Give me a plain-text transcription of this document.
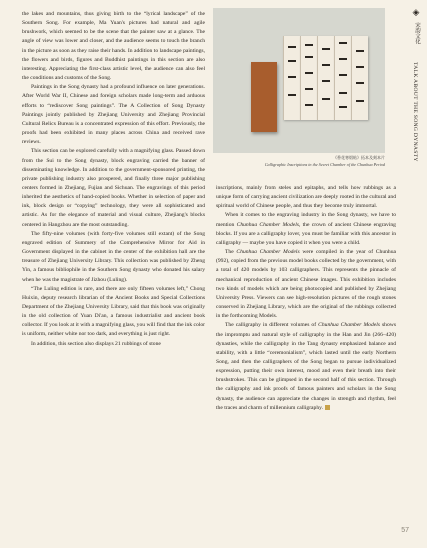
◈
宋韵文化
TALK ABOUT THE SONG DYNASTY
《香花寒烟帖》拓本及刻本片
Calligraphic Inscriptions in the Secret Chamber of the Chunhua Period

the lakes and mountains, thus giving birth to the “lyrical landscape” of the Southern Song. For example, Ma Yuan's pictures had natural and agile brushwork, which seemed to be the scene that the painter saw at a glance. The angle of view was lower and closer, and the audience seems to touch the branch in the picture as soon as they raise their hands. In addition to landscape paintings, the flowers and birds, figures and Buddhist paintings in this section are also interesting. Appreciating the first-class artistic level, the audience can also feel the conditions and customs of the Song.

Paintings in the Song dynasty had a profound influence on later generations. After World War II, Chinese and foreign scholars made long-term and arduous efforts to “rediscover Song paintings”. The A Collection of Song Dynasty Paintings jointly published by Zhejiang University and Zhejiang Provincial Cultural Relics Bureau is a concentrated expression of this effort. Previously, the proofs had been exhibited in many places across China and received rave reviews.

This section can be explored carefully with a magnifying glass. Passed down from the Sui to the Song dynasty, block engraving carried the banner of disseminating knowledge. In addition to the government-sponsored printing, the private publishing industry also prospered, and finally three major publishing centers formed in Zhejiang, Fujian and Sichuan. The engravings of this period inherited the aesthetics of hand-copied books. Whether in selection of paper and ink, block design or “copying” technology, they were all sophisticated and artistic. As for the elegance of material and visual culture, Zhejiang's blocks centered in Hangzhou are the most outstanding.

The fifty-nine volumes (with forty-five volumes still extant) of the Song engraved edition of Summery of the Comprehensive Mirror for Aid in Government displayed in the cabinet in the center of the exhibition hall are the treasure of Zhejiang University Library. This collection was published by Zheng Yin, a famous bibliophile in the Southern Song dynasty who donated his salary when he was the magistrate of Jizhou (Luling).

“The Luling edition is rare, and there are only fifteen volumes left,” Chong Huixin, deputy research librarian of the Ancient Books and Special Collections Department of the Zhejiang University Library, said that this book was originally in the old collection of Yuan Di'an, a famous industrialist and ancient book collector. If you look at it with a magnifying glass, you will find that the ink color is uniform, neither white nor too dark, and everything is just right.

In addition, this section also displays 21 rubbings of stone

inscriptions, mainly from steles and epitaphs, and tells how rubbings as a unique form of carrying ancient civilization are deeply rooted in the cultural and spiritual world of Chinese people, and thus they become truly immortal.

When it comes to the engraving industry in the Song dynasty, we have to mention Chunhua Chamber Models, the crown of ancient Chinese engraving blocks. If you are a calligraphy lover, you must be familiar with this ancestor in calligraphy — maybe you have copied it when you were a child.

The Chunhua Chamber Models were compiled in the year of Chunhua (992), copied from the previous model books collected by the government, with a total of 420 models by 103 calligraphers. This represents the pinnacle of mechanical reproduction of ancient Chinese images. This exhibition includes two kinds of models which are being photocopied and published by Zhejiang University Press. Viewers can see high-resolution pictures of the rough stones conserved in Zhejiang Library, which are the original of the rubbings collected in the forthcoming Models.

The calligraphy in different volumes of Chunhua Chamber Models shows the impromptu and natural style of calligraphy in the Han and Jin (266–420) dynasties, while the calligraphy in the Tang dynasty emphasized balance and stability, with a little “ceremonialism”, which lasted until the early Northern Song, and then the calligraphers of the Song began to pursue individualized expression, putting their own interest, mood and even their breath into their brushstrokes. This can be glimpsed in the second half of this section. Through the calligraphy and ink proofs of famous painters and scholars in the Song dynasty, the audience can appreciate the changes in strength and rhythm, feel the traces and charm of millennium calligraphy.

57
